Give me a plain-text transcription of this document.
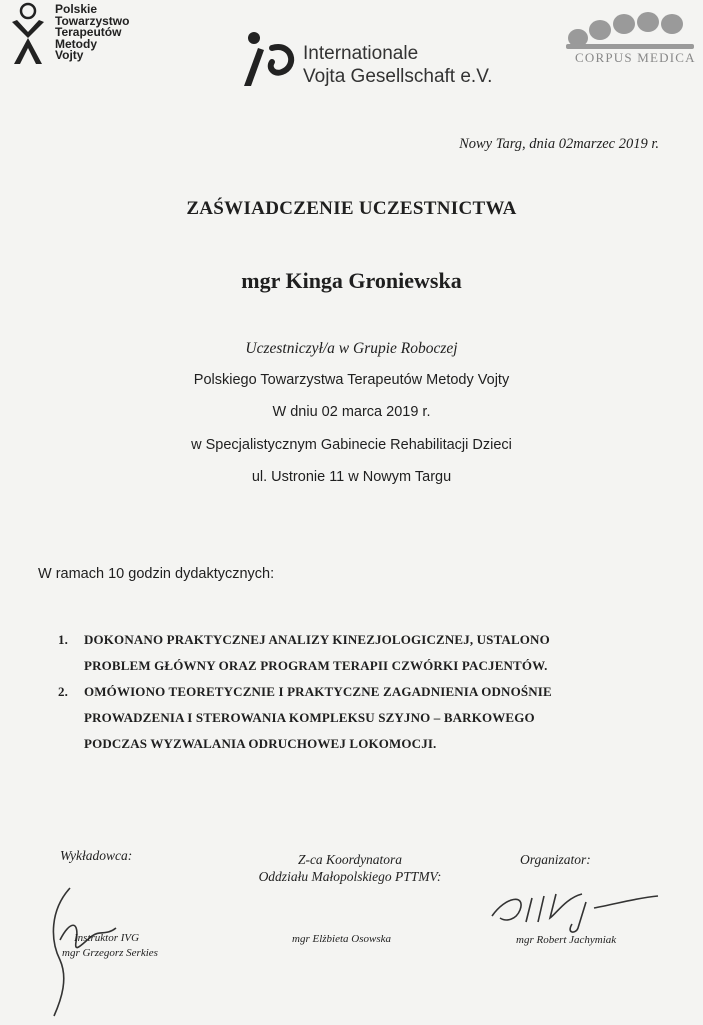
Polskie
Towarzystwo
Terapeutów
Metody
Vojty	Internationale
Vojta Gesellschaft e.V.
CORPUS MEDICA
Nowy Targ, dnia 02marzec 2019 r.
ZAŚWIADCZENIE UCZESTNICTWA
mgr Kinga Groniewska
Uczestniczył/a w Grupie Roboczej
Polskiego Towarzystwa Terapeutów Metody Vojty
W dniu 02 marca 2019 r.
w Specjalistycznym Gabinecie Rehabilitacji Dzieci
ul. Ustronie 11 w Nowym Targu
W ramach 10 godzin dydaktycznych:
1.	DOKONANO PRAKTYCZNEJ ANALIZY KINEZJOLOGICZNEJ, USTALONO
PROBLEM GŁÓWNY ORAZ PROGRAM TERAPII CZWÓRKI PACJENTÓW.
2.	OMÓWIONO TEORETYCZNIE I PRAKTYCZNE ZAGADNIENIA ODNOŚNIE
PROWADZENIA I STEROWANIA KOMPLEKSU SZYJNO – BARKOWEGO
PODCZAS WYZWALANIA ODRUCHOWEJ LOKOMOCJI.
Wykładowca:	Z-ca Koordynatora
Oddziału Małopolskiego PTTMV:
Organizator:
Instruktor IVG
mgr Grzegorz Serkies
mgr Elżbieta Osowska	mgr Robert Jachymiak
